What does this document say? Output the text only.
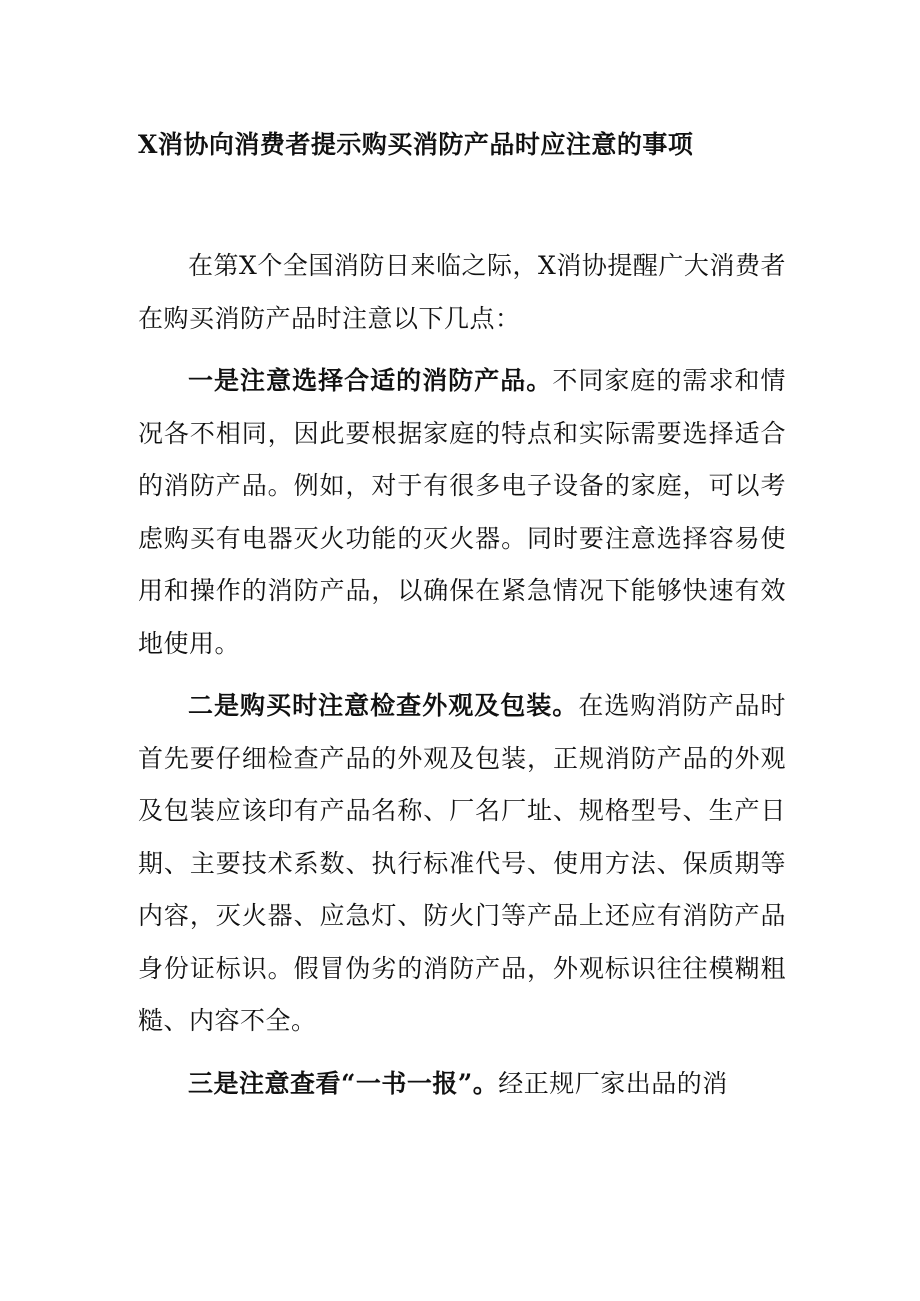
X消协向消费者提示购买消防产品时应注意的事项

在第X个全国消防日来临之际，X消协提醒广大消费者在购买消防产品时注意以下几点：

一是注意选择合适的消防产品。不同家庭的需求和情况各不相同，因此要根据家庭的特点和实际需要选择适合的消防产品。例如，对于有很多电子设备的家庭，可以考虑购买有电器灭火功能的灭火器。同时要注意选择容易使用和操作的消防产品，以确保在紧急情况下能够快速有效地使用。

二是购买时注意检查外观及包装。在选购消防产品时首先要仔细检查产品的外观及包装，正规消防产品的外观及包装应该印有产品名称、厂名厂址、规格型号、生产日期、主要技术系数、执行标准代号、使用方法、保质期等内容，灭火器、应急灯、防火门等产品上还应有消防产品身份证标识。假冒伪劣的消防产品，外观标识往往模糊粗糙、内容不全。

三是注意查看“一书一报”。经正规厂家出品的消
